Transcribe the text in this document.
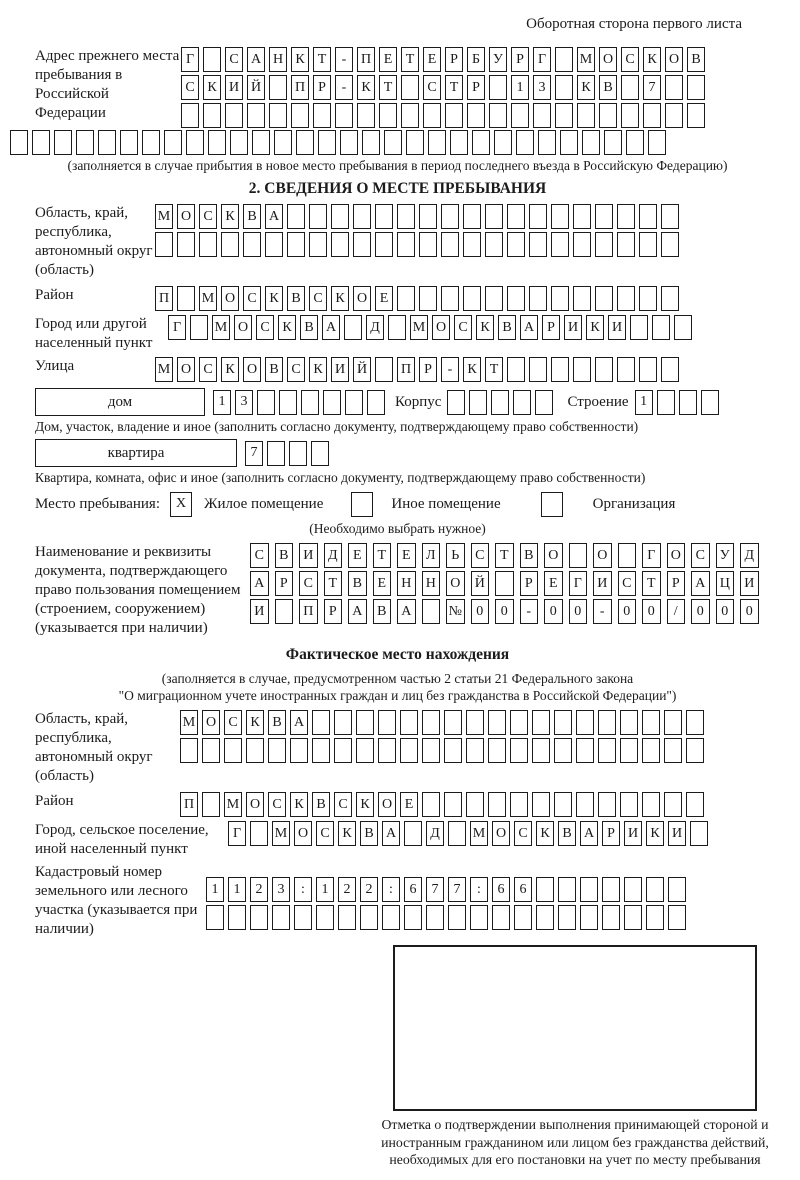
Оборотная сторона первого листа
Адрес прежнего места пребывания в Российской Федерации
Г	С А Н К Т	-	П Е Т Е Р	Б У Р	Г	М О С К О В
С К И Й П Р	-	К Т	С Т Р	1	3	К В	7
(заполняется в случае прибытия в новое место пребывания в период последнего въезда в Российскую Федерацию)
2. СВЕДЕНИЯ О МЕСТЕ ПРЕБЫВАНИЯ
Область, край, республика, автономный округ (область)
М О С К В А
Район	П М О С К В С К О Е
Город или другой населенный пункт
Г	М О С К В А	Д	М О С К В А Р И К И
Улица	М О С К О В С К И Й П Р	-	К Т
дом	1	3	Корпус	Строение 1
Дом, участок, владение и иное (заполнить согласно документу, подтверждающему право собственности)
квартира	7
Квартира, комната, офис и иное (заполнить согласно документу, подтверждающему право собственности)
Место пребывания:	X	Жилое помещение	Иное помещение	Организация
(Необходимо выбрать нужное)
Наименование и реквизиты документа, подтверждающего право пользования помещением (строением, сооружением) (указывается при наличии)
С	В	И	Д	Е	Т	Е	Л	Ь	С	Т	В	О	О	Г	О	С	У	Д
А	Р	С	Т	В	Е	Н Н О Й	Р	Е	Г	И	С	Т	Р	А Ц И
И	П	Р	А	В	А	№	0	0	-	0	0	-	0	0	/	0	0	0
Фактическое место нахождения
(заполняется в случае, предусмотренном частью 2 статьи 21 Федерального закона
"О миграционном учете иностранных граждан и лиц без гражданства в Российской Федерации")
Область, край, республика, автономный округ (область)
М О С К В А
Район	П М О С К В С К О Е
Город, сельское поселение, иной населенный пункт
Г	М О С К В А	Д	М О С К В А Р И К И
Кадастровый номер земельного или лесного участка (указывается при наличии)
1	1	2	3	:	1	2	2	:	6	7	7	:	6	6
Отметка о подтверждении выполнения принимающей стороной и иностранным гражданином или лицом без гражданства действий, необходимых для его постановки на учет по месту пребывания
